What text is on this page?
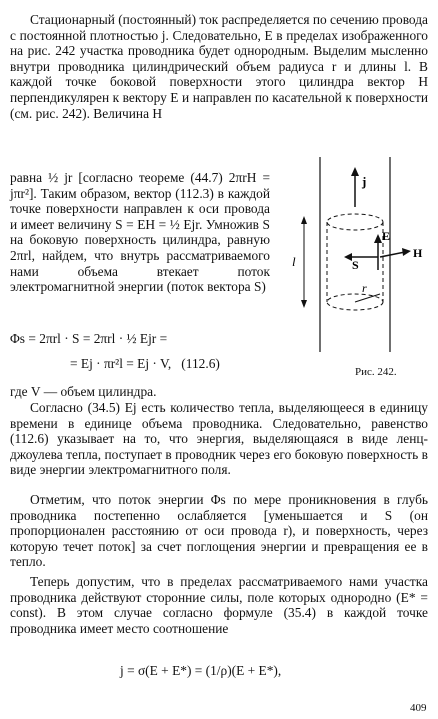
Стационарный (постоянный) ток распределяется по сечению провода с постоянной плотностью j. Следовательно, E в пределах изображенного на рис. 242 участка проводника будет однородным. Выделим мысленно внутри проводника цилиндрический объем радиуса r и длины l. В каждой точке боковой поверхности этого цилиндра вектор H перпендикулярен к вектору E и направлен по касательной к поверхности (см. рис. 242). Величина H

равна ½ jr [согласно теореме (44.7) 2πrH = jπr²]. Таким образом, вектор (112.3) в каждой точке поверхности направлен к оси провода и имеет величину S = EH = ½ Ejr. Умножив S на боковую поверхность цилиндра, равную 2πrl, найдем, что внутрь рассматриваемого нами объема втекает поток электромагнитной энергии (поток вектора S)

Φs = 2πrl · S = 2πrl · ½ Ejr =
= Ej · πr²l = Ej · V,   (112.6)

где V — объем цилиндра.

Согласно (34.5) Ej есть количество тепла, выделяющееся в единицу времени в единице объема проводника. Следовательно, равенство (112.6) указывает на то, что энергия, выделяющаяся в виде ленц-джоулева тепла, поступает в проводник через его боковую поверхность в виде энергии электромагнитного поля.

Отметим, что поток энергии Φs по мере проникновения в глубь проводника постепенно ослабляется [уменьшается и S (он пропорционален расстоянию от оси провода r), и поверхность, через которую течет поток] за счет поглощения энергии и превращения ее в тепло.

Теперь допустим, что в пределах рассматриваемого нами участка проводника действуют сторонние силы, поле которых однородно (E* = const). В этом случае согласно формуле (35.4) в каждой точке проводника имеет место соотношение

j = σ(E + E*) = (1/ρ)(E + E*),
j
E
H
S
r
l
Рис. 242.
409
